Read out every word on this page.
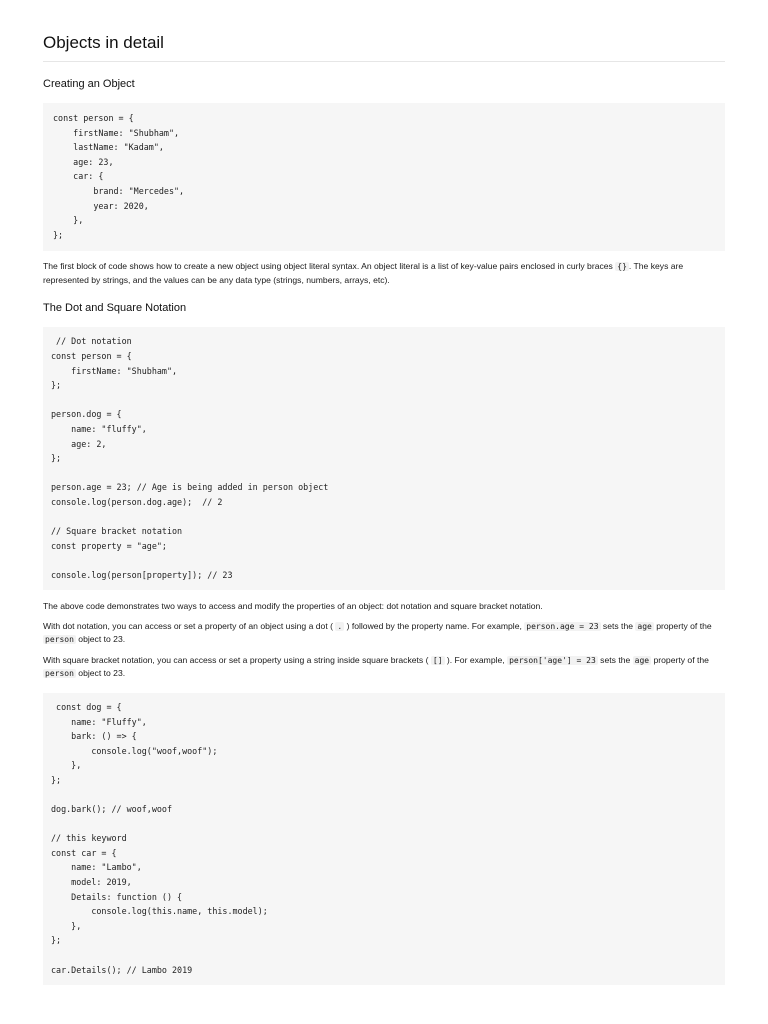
Objects in detail
Creating an Object
const person = {
firstName: "Shubham",
lastName: "Kadam",
age: 23,
car: {
brand: "Mercedes",
year: 2020,
},
};

The first block of code shows how to create a new object using object literal syntax. An object literal is a list of key-value pairs enclosed in curly braces {} . The keys are represented by strings, and the values can be any data type (strings, numbers, arrays, etc).

The Dot and Square Notation
// Dot notation
const person = {
firstName: "Shubham",
};

person.dog = {
name: "fluffy",
age: 2,
};

person.age = 23; // Age is being added in person object
console.log(person.dog.age);  // 2

// Square bracket notation
const property = "age";

console.log(person[property]); // 23

The above code demonstrates two ways to access and modify the properties of an object: dot notation and square bracket notation.

With dot notation, you can access or set a property of an object using a dot ( . ) followed by the property name. For example, person.age = 23 sets the age property of the person object to 23.

With square bracket notation, you can access or set a property using a string inside square brackets ( [] ). For example, person['age'] = 23 sets the age property of the person object to 23.

const dog = {
name: "Fluffy",
bark: () => {
console.log("woof,woof");
},
};

dog.bark(); // woof,woof

// this keyword
const car = {
name: "Lambo",
model: 2019,
Details: function () {
console.log(this.name, this.model);
},
};

car.Details(); // Lambo 2019
